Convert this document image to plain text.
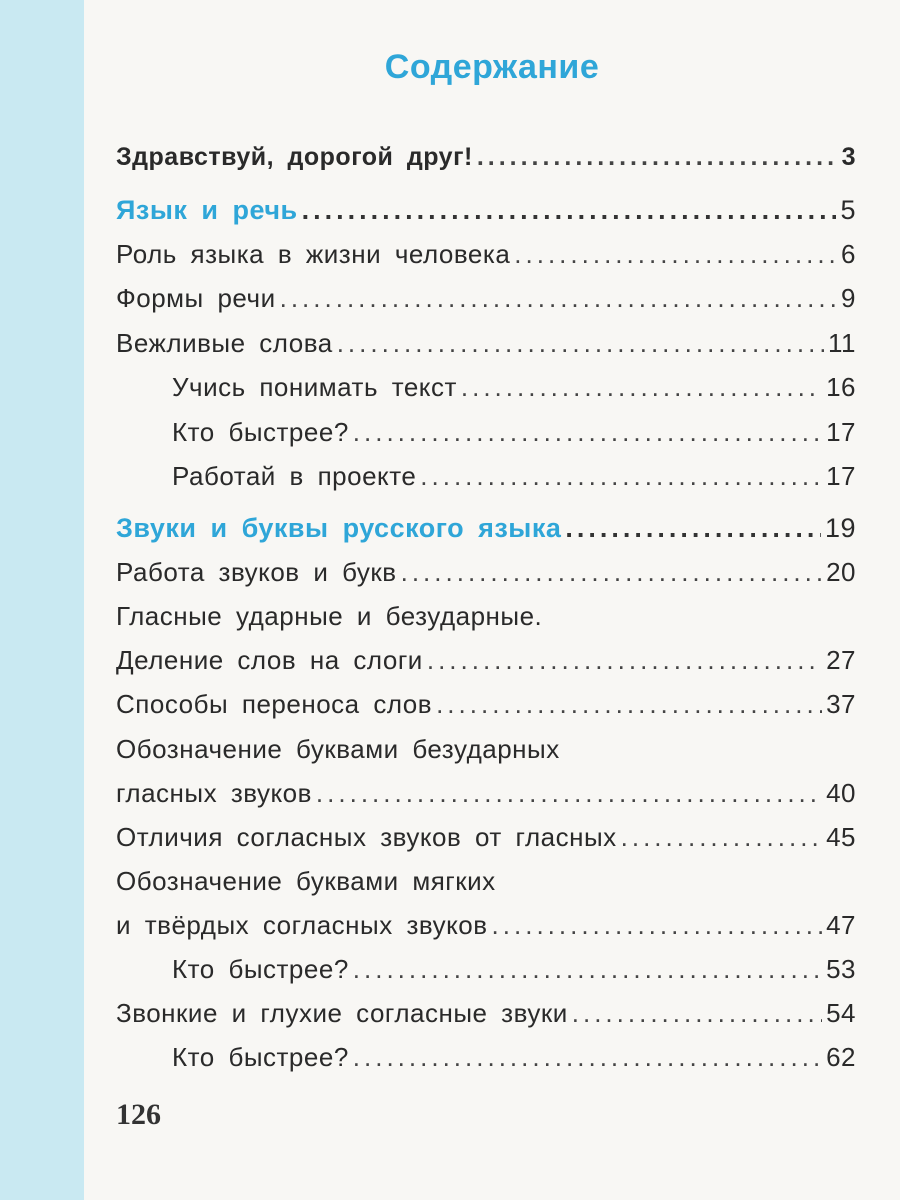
Содержание
Здравствуй, дорогой друг! .....	3
Язык и речь .....	5
Роль языка в жизни человека .....	6
Формы речи .....	9
Вежливые слова .....	11
Учись понимать текст .....	16
Кто быстрее? .....	17
Работай в проекте .....	17
Звуки и буквы русского языка .....	19
Работа звуков и букв .....	20
Гласные ударные и безударные.
Деление слов на слоги .....	27
Способы переноса слов .....	37
Обозначение буквами безударных
гласных звуков .....	40
Отличия согласных звуков от гласных .....	45
Обозначение буквами мягких
и твёрдых согласных звуков .....	47
Кто быстрее? .....	53
Звонкие и глухие согласные звуки .....	54
Кто быстрее? .....	62
126
